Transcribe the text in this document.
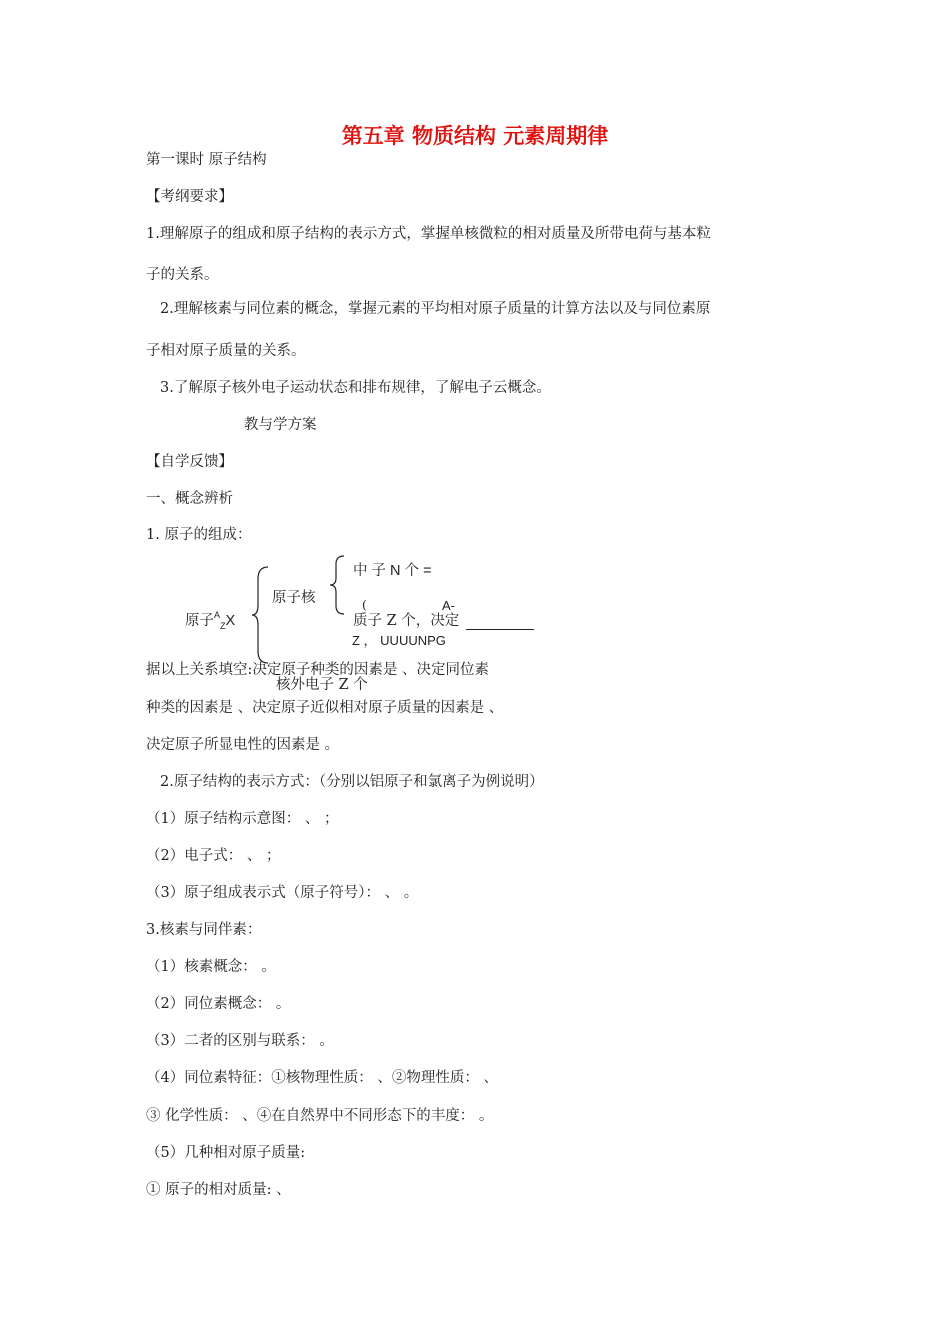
第五章 物质结构 元素周期律
第一课时 原子结构
【考纲要求】
1.理解原子的组成和原子结构的表示方式，掌握单核微粒的相对质量及所带电荷与基本粒
子的关系。
2.理解核素与同位素的概念，掌握元素的平均相对原子质量的计算方法以及与同位素原
子相对原子质量的关系。
3.了解原子核外电子运动状态和排布规律，了解电子云概念。
教与学方案
【自学反馈】
一、概念辨析
1. 原子的组成：
原子$^A_Z$X
原子核
中 子 N 个 =
(	A-
质子 Z 个，决定
Z ， UUUUNPG
核外电子 Z 个
据以上关系填空:决定原子种类的因素是 、决定同位素
种类的因素是 、决定原子近似相对原子质量的因素是 、
决定原子所显电性的因素是 。
2.原子结构的表示方式：（分别以铝原子和氯离子为例说明）
（1）原子结构示意图： 、 ；
（2）电子式： 、 ；
（3）原子组成表示式（原子符号）： 、 。
3.核素与同伴素：
（1）核素概念： 。
（2）同位素概念： 。
（3）二者的区别与联系： 。
（4）同位素特征：①核物理性质： 、②物理性质： 、
③ 化学性质： 、④在自然界中不同形态下的丰度： 。
（5）几种相对原子质量:
① 原子的相对质量: 、
